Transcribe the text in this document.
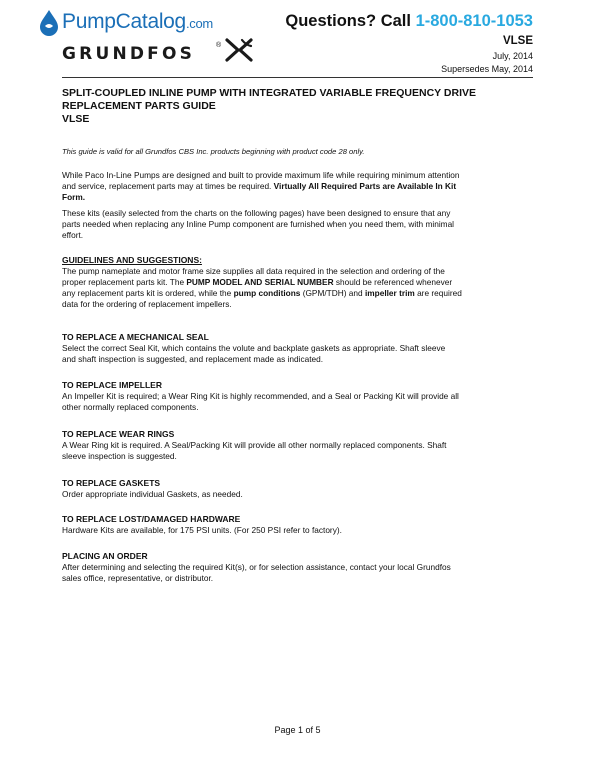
PumpCatalog.com	Questions? Call 1-800-810-1053
GRUNDFOS	®	VLSE
July, 2014
Supersedes May, 2014
SPLIT-COUPLED INLINE PUMP WITH INTEGRATED VARIABLE FREQUENCY DRIVE
REPLACEMENT PARTS GUIDE
VLSE
This guide is valid for all Grundfos CBS Inc. products beginning with product code 28 only.
While Paco In-Line Pumps are designed and built to provide maximum life while requiring minimum attention
and service, replacement parts may at times be required. Virtually All Required Parts are Available In Kit
Form.
These kits (easily selected from the charts on the following pages) have been designed to ensure that any
parts needed when replacing any Inline Pump component are furnished when you need them, with minimal
effort.
GUIDELINES AND SUGGESTIONS:
The pump nameplate and motor frame size supplies all data required in the selection and ordering of the
proper replacement parts kit. The PUMP MODEL AND SERIAL NUMBER should be referenced whenever
any replacement parts kit is ordered, while the pump conditions (GPM/TDH) and impeller trim are required
data for the ordering of replacement impellers.
TO REPLACE A MECHANICAL SEAL
Select the correct Seal Kit, which contains the volute and backplate gaskets as appropriate. Shaft sleeve
and shaft inspection is suggested, and replacement made as indicated.
TO REPLACE IMPELLER
An Impeller Kit is required; a Wear Ring Kit is highly recommended, and a Seal or Packing Kit will provide all
other normally replaced components.
TO REPLACE WEAR RINGS
A Wear Ring kit is required. A Seal/Packing Kit will provide all other normally replaced components. Shaft
sleeve inspection is suggested.
TO REPLACE GASKETS
Order appropriate individual Gaskets, as needed.
TO REPLACE LOST/DAMAGED HARDWARE
Hardware Kits are available, for 175 PSI units. (For 250 PSI refer to factory).
PLACING AN ORDER
After determining and selecting the required Kit(s), or for selection assistance, contact your local Grundfos
sales office, representative, or distributor.
Page 1 of 5
